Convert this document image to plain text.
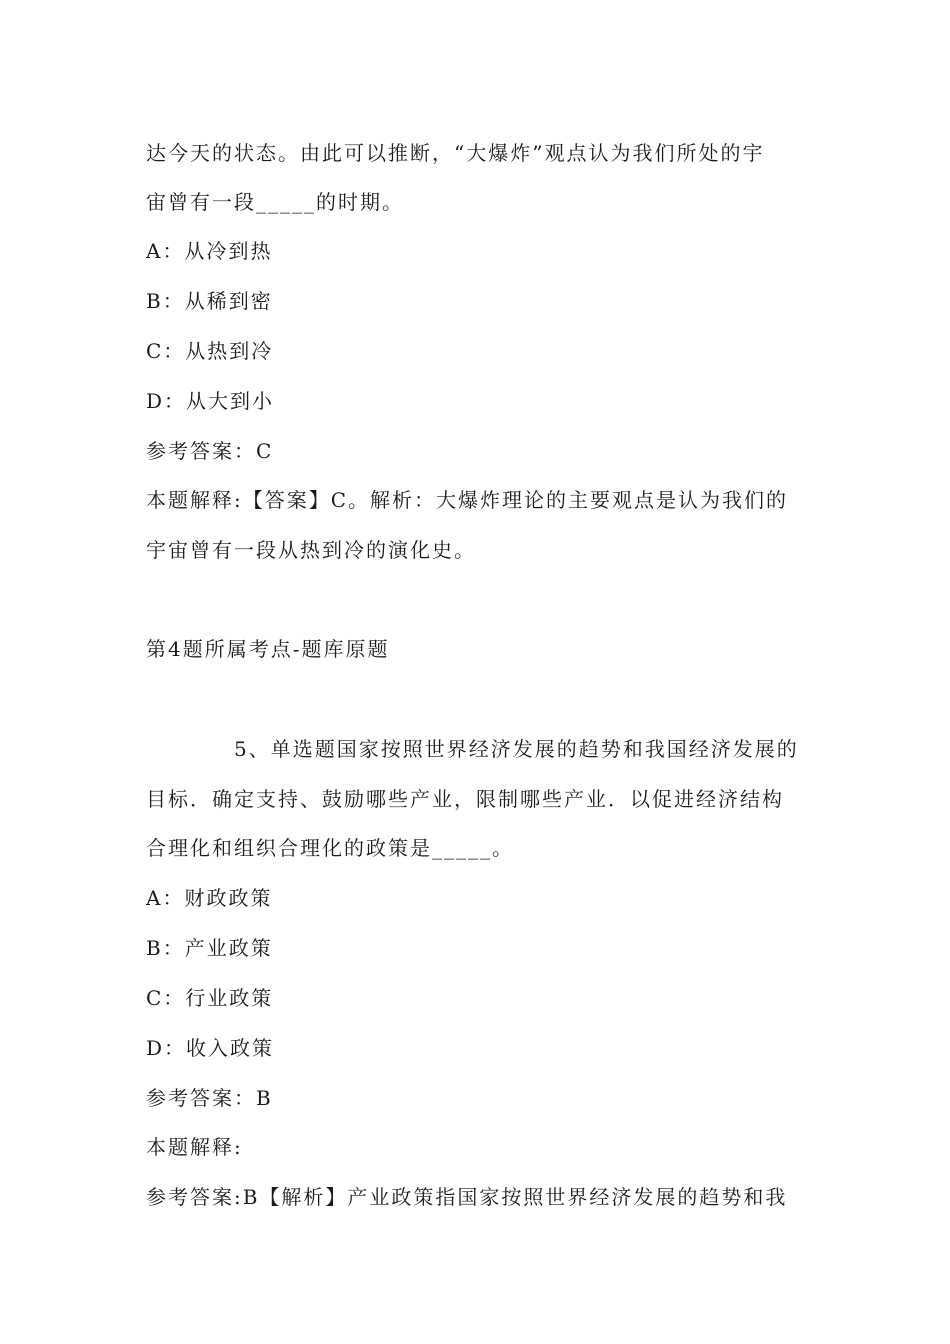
达今天的状态。由此可以推断，“大爆炸”观点认为我们所处的宇
宙曾有一段_____的时期。
A：从冷到热
B：从稀到密
C：从热到冷
D：从大到小
参考答案：C
本题解释:【答案】C。解析：大爆炸理论的主要观点是认为我们的
宇宙曾有一段从热到冷的演化史。
第4题所属考点-题库原题
5、单选题国家按照世界经济发展的趋势和我国经济发展的
目标．确定支持、鼓励哪些产业，限制哪些产业．以促进经济结构
合理化和组织合理化的政策是_____。
A：财政政策
B：产业政策
C：行业政策
D：收入政策
参考答案：B
本题解释:
参考答案:B【解析】产业政策指国家按照世界经济发展的趋势和我
